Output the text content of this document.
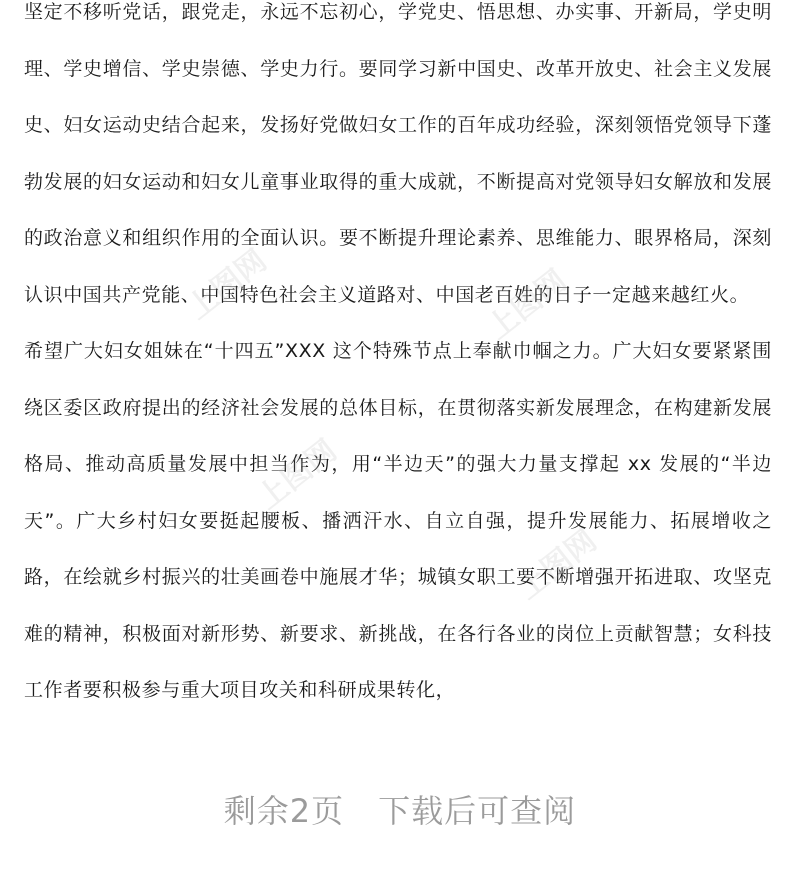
坚定不移听党话，跟党走，永远不忘初心，学党史、悟思想、办实事、开新局，学史明理、学史增信、学史崇德、学史力行。要同学习新中国史、改革开放史、社会主义发展史、妇女运动史结合起来，发扬好党做妇女工作的百年成功经验，深刻领悟党领导下蓬勃发展的妇女运动和妇女儿童事业取得的重大成就，不断提高对党领导妇女解放和发展的政治意义和组织作用的全面认识。要不断提升理论素养、思维能力、眼界格局，深刻认识中国共产党能、中国特色社会主义道路对、中国老百姓的日子一定越来越红火。

希望广大妇女姐妹在“十四五”XXX 这个特殊节点上奉献巾帼之力。广大妇女要紧紧围绕区委区政府提出的经济社会发展的总体目标，在贯彻落实新发展理念，在构建新发展格局、推动高质量发展中担当作为，用“半边天”的强大力量支撑起 xx 发展的“半边天”。广大乡村妇女要挺起腰板、播洒汗水、自立自强，提升发展能力、拓展增收之路，在绘就乡村振兴的壮美画卷中施展才华；城镇女职工要不断增强开拓进取、攻坚克难的精神，积极面对新形势、新要求、新挑战，在各行各业的岗位上贡献智慧；女科技工作者要积极参与重大项目攻关和科研成果转化，

上图网	上图网
上图网
上图网
剩余2页 下载后可查阅
